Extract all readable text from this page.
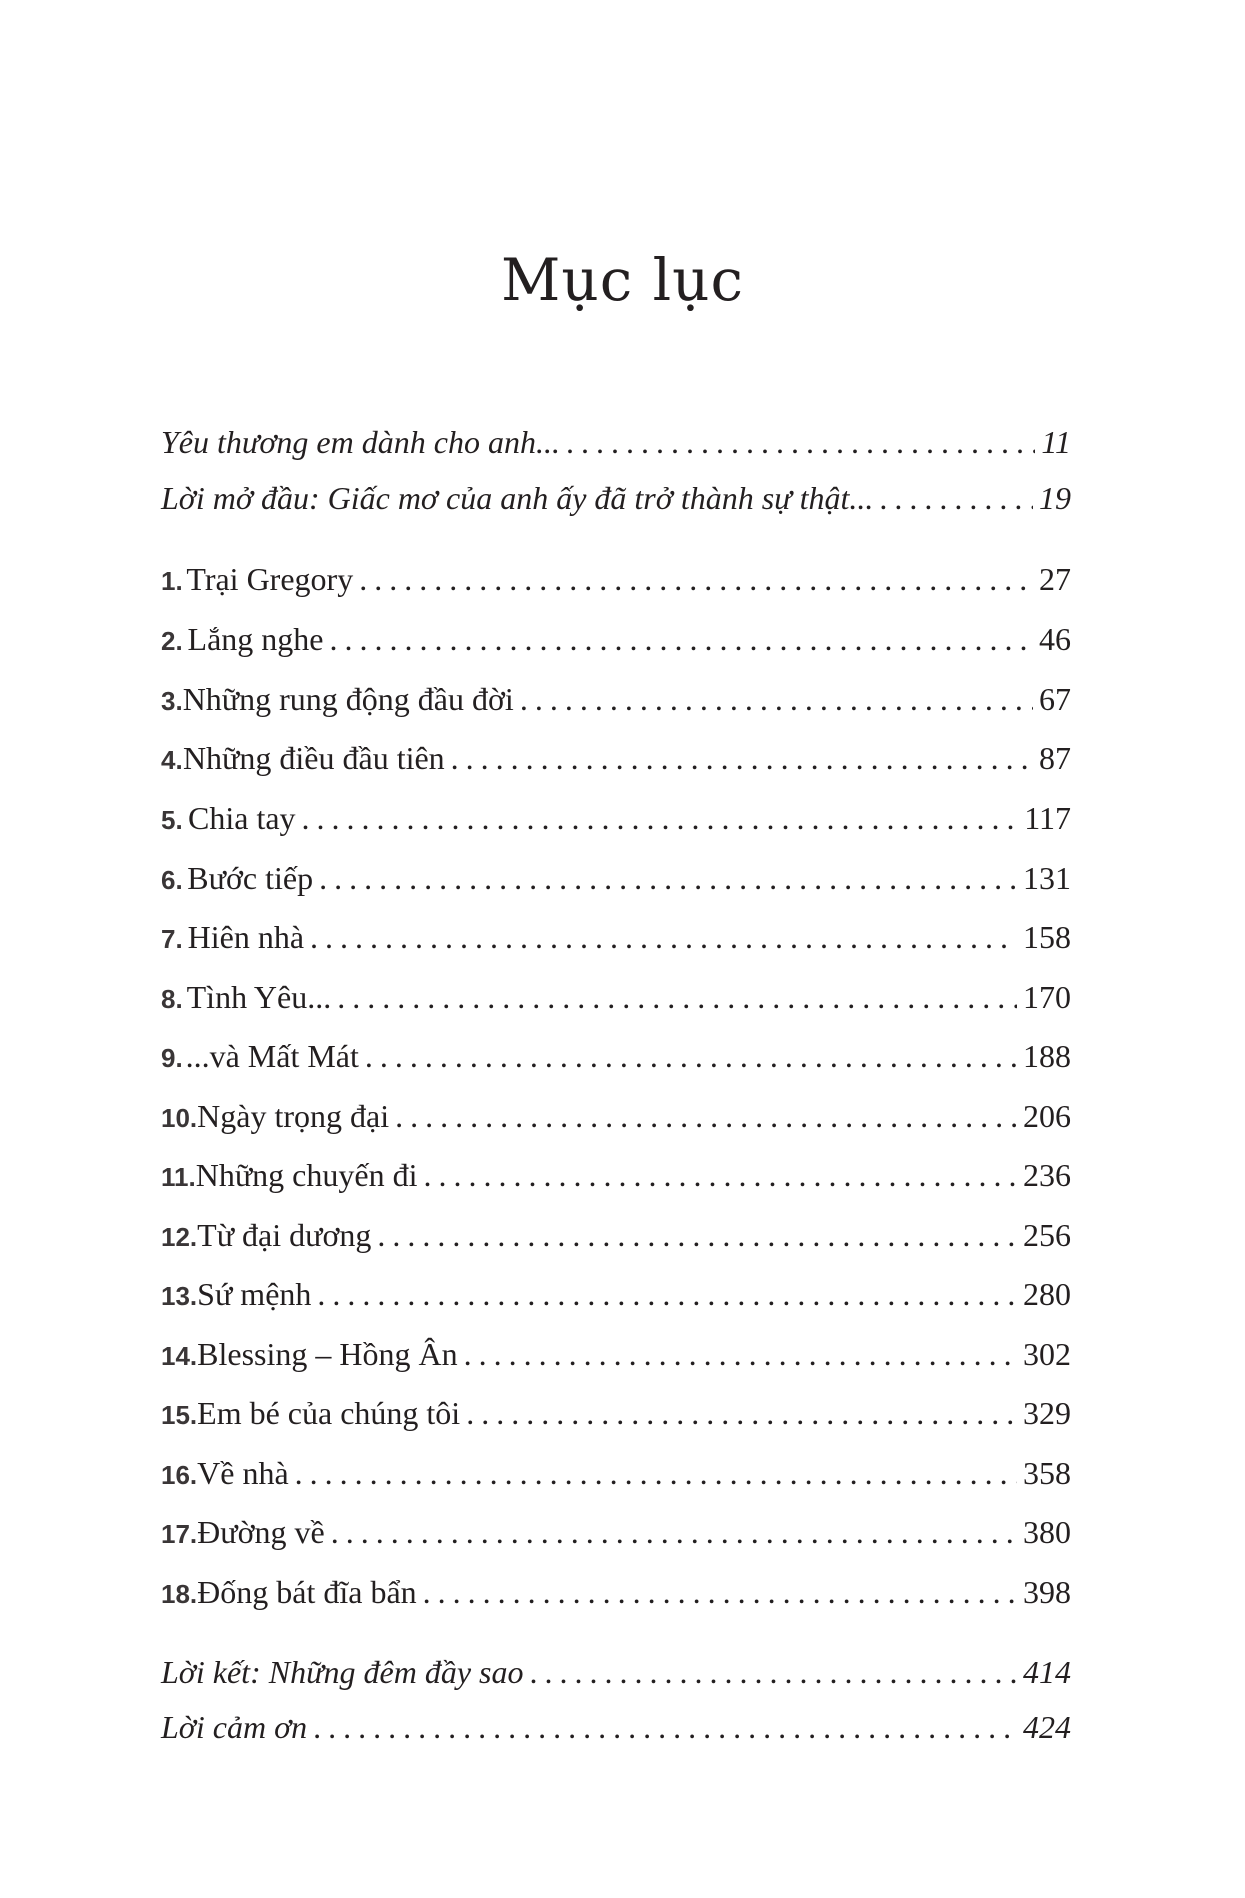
Mục lục
Yêu thương em dành cho anh... . . .	11
Lời mở đầu: Giấc mơ của anh ấy đã trở thành sự thật... . . .	19
1. Trại Gregory . . .	27
2. Lắng nghe . . .	46
3. Những rung động đầu đời . . .	67
4. Những điều đầu tiên . . .	87
5. Chia tay . . .	117
6. Bước tiếp . . .	131
7. Hiên nhà . . .	158
8. Tình Yêu... . . .	170
9. ...và Mất Mát . . .	188
10. Ngày trọng đại . . .	206
11. Những chuyến đi . . .	236
12. Từ đại dương . . .	256
13. Sứ mệnh . . .	280
14. Blessing – Hồng Ân . . .	302
15. Em bé của chúng tôi . . .	329
16. Về nhà . . .	358
17. Đường về . . .	380
18. Đống bát đĩa bẩn . . .	398
Lời kết: Những đêm đầy sao . . .	414
Lời cảm ơn . . .	424
